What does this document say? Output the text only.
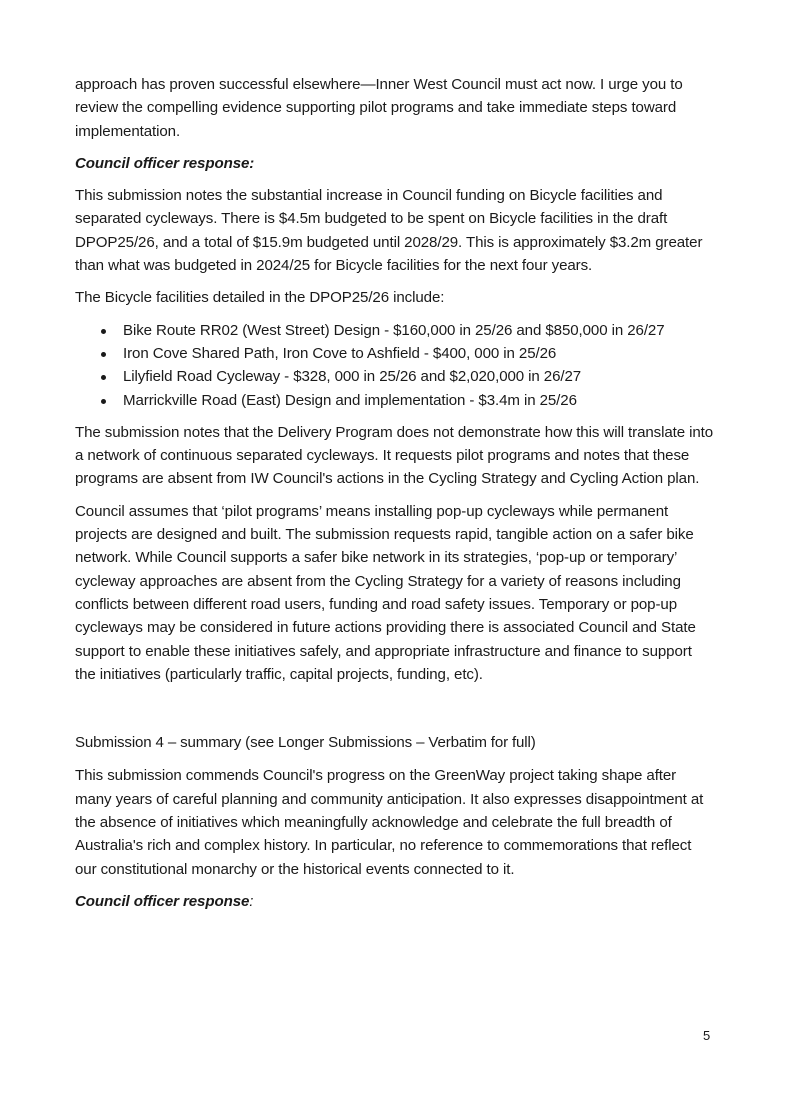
approach has proven successful elsewhere—Inner West Council must act now. I urge you to review the compelling evidence supporting pilot programs and take immediate steps toward implementation.

Council officer response:

This submission notes the substantial increase in Council funding on Bicycle facilities and separated cycleways. There is $4.5m budgeted to be spent on Bicycle facilities in the draft DPOP25/26, and a total of $15.9m budgeted until 2028/29. This is approximately $3.2m greater than what was budgeted in 2024/25 for Bicycle facilities for the next four years.

The Bicycle facilities detailed in the DPOP25/26 include:

Bike Route RR02 (West Street) Design - $160,000 in 25/26 and $850,000 in 26/27
Iron Cove Shared Path, Iron Cove to Ashfield - $400, 000 in 25/26
Lilyfield Road Cycleway - $328, 000 in 25/26 and $2,020,000 in 26/27
Marrickville Road (East) Design and implementation - $3.4m in 25/26

The submission notes that the Delivery Program does not demonstrate how this will translate into a network of continuous separated cycleways. It requests pilot programs and notes that these programs are absent from IW Council's actions in the Cycling Strategy and Cycling Action plan.

Council assumes that ‘pilot programs’ means installing pop-up cycleways while permanent projects are designed and built. The submission requests rapid, tangible action on a safer bike network. While Council supports a safer bike network in its strategies, ‘pop-up or temporary’ cycleway approaches are absent from the Cycling Strategy for a variety of reasons including conflicts between different road users, funding and road safety issues. Temporary or pop-up cycleways may be considered in future actions providing there is associated Council and State support to enable these initiatives safely, and appropriate infrastructure and finance to support the initiatives (particularly traffic, capital projects, funding, etc).

Submission 4 – summary (see Longer Submissions – Verbatim for full)

This submission commends Council's progress on the GreenWay project taking shape after many years of careful planning and community anticipation. It also expresses disappointment at the absence of initiatives which meaningfully acknowledge and celebrate the full breadth of Australia's rich and complex history. In particular, no reference to commemorations that reflect our constitutional monarchy or the historical events connected to it.

Council officer response:

5
